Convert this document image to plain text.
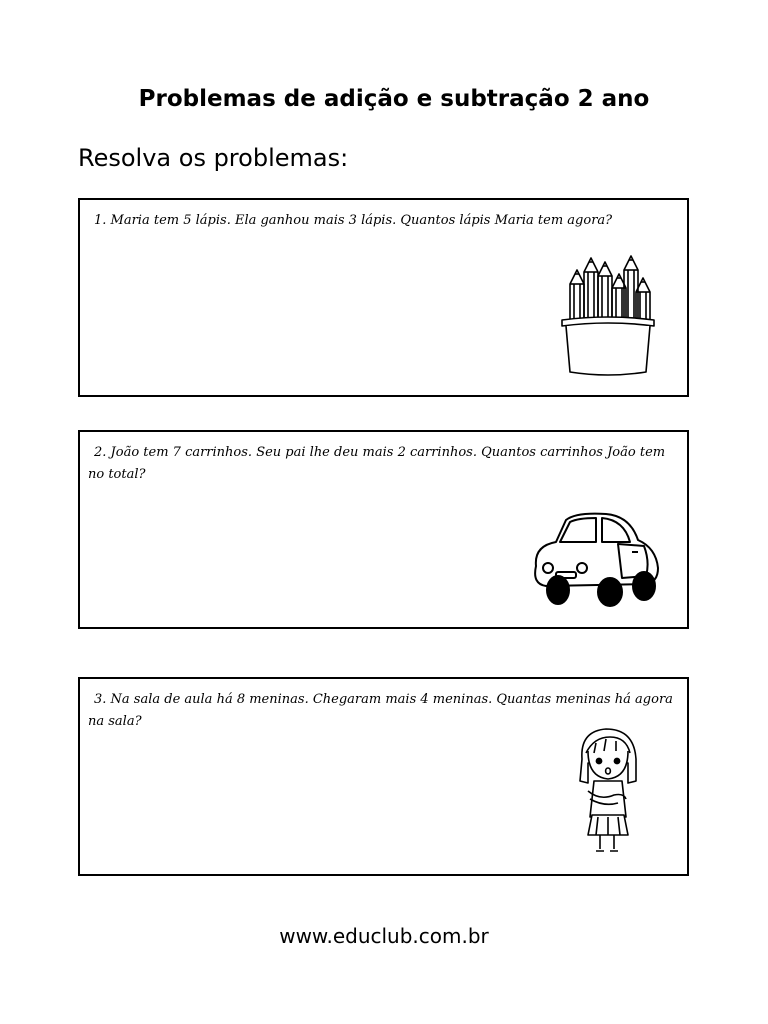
Problemas de adição e subtração 2 ano
Resolva os problemas:
1. Maria tem 5 lápis. Ela ganhou mais 3 lápis. Quantos lápis Maria tem agora?
2. João tem 7 carrinhos. Seu pai lhe deu mais 2 carrinhos. Quantos carrinhos João tem no total?
3. Na sala de aula há 8 meninas. Chegaram mais 4 meninas. Quantas meninas há agora na sala?
www.educlub.com.br
